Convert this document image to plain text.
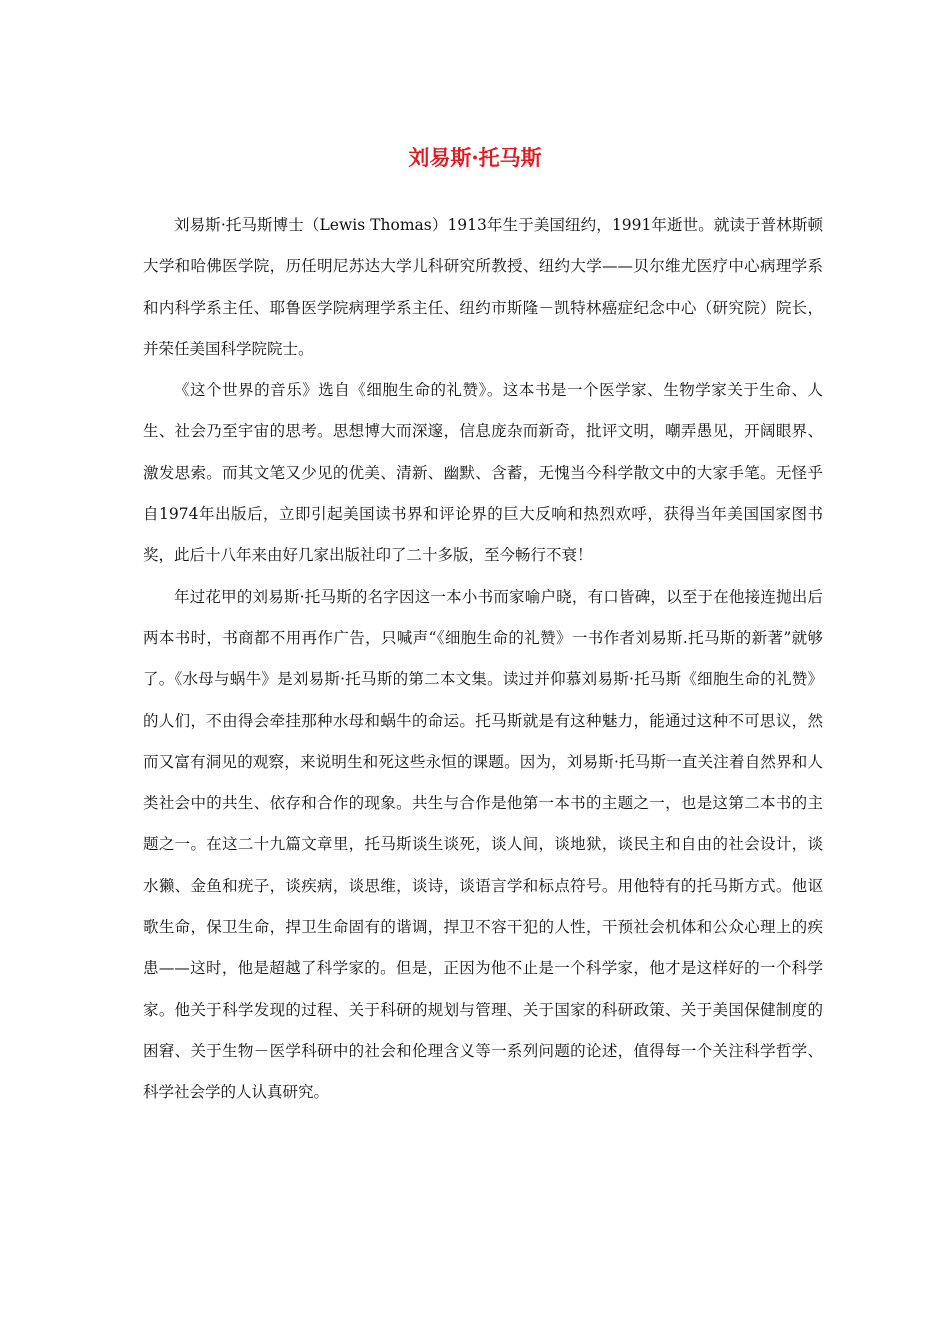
刘易斯·托马斯

刘易斯·托马斯博士（Lewis Thomas）1913年生于美国纽约，1991年逝世。就读于普林斯顿大学和哈佛医学院，历任明尼苏达大学儿科研究所教授、纽约大学——贝尔维尤医疗中心病理学系和内科学系主任、耶鲁医学院病理学系主任、纽约市斯隆－凯特林癌症纪念中心（研究院）院长，并荣任美国科学院院士。

《这个世界的音乐》选自《细胞生命的礼赞》。这本书是一个医学家、生物学家关于生命、人生、社会乃至宇宙的思考。思想博大而深邃，信息庞杂而新奇，批评文明，嘲弄愚见，开阔眼界、激发思索。而其文笔又少见的优美、清新、幽默、含蓄，无愧当今科学散文中的大家手笔。无怪乎自1974年出版后，立即引起美国读书界和评论界的巨大反响和热烈欢呼，获得当年美国国家图书奖，此后十八年来由好几家出版社印了二十多版，至今畅行不衰！

年过花甲的刘易斯·托马斯的名字因这一本小书而家喻户晓，有口皆碑，以至于在他接连抛出后两本书时，书商都不用再作广告，只喊声“《细胞生命的礼赞》一书作者刘易斯.托马斯的新著”就够了。《水母与蜗牛》是刘易斯·托马斯的第二本文集。读过并仰慕刘易斯·托马斯《细胞生命的礼赞》的人们，不由得会牵挂那种水母和蜗牛的命运。托马斯就是有这种魅力，能通过这种不可思议，然而又富有洞见的观察，来说明生和死这些永恒的课题。因为，刘易斯·托马斯一直关注着自然界和人类社会中的共生、依存和合作的现象。共生与合作是他第一本书的主题之一，也是这第二本书的主题之一。在这二十九篇文章里，托马斯谈生谈死，谈人间，谈地狱，谈民主和自由的社会设计，谈水獭、金鱼和疣子，谈疾病，谈思维，谈诗，谈语言学和标点符号。用他特有的托马斯方式。他讴歌生命，保卫生命，捍卫生命固有的谐调，捍卫不容干犯的人性，干预社会机体和公众心理上的疾患——这时，他是超越了科学家的。但是，正因为他不止是一个科学家，他才是这样好的一个科学家。他关于科学发现的过程、关于科研的规划与管理、关于国家的科研政策、关于美国保健制度的困窘、关于生物－医学科研中的社会和伦理含义等一系列问题的论述，值得每一个关注科学哲学、科学社会学的人认真研究。
